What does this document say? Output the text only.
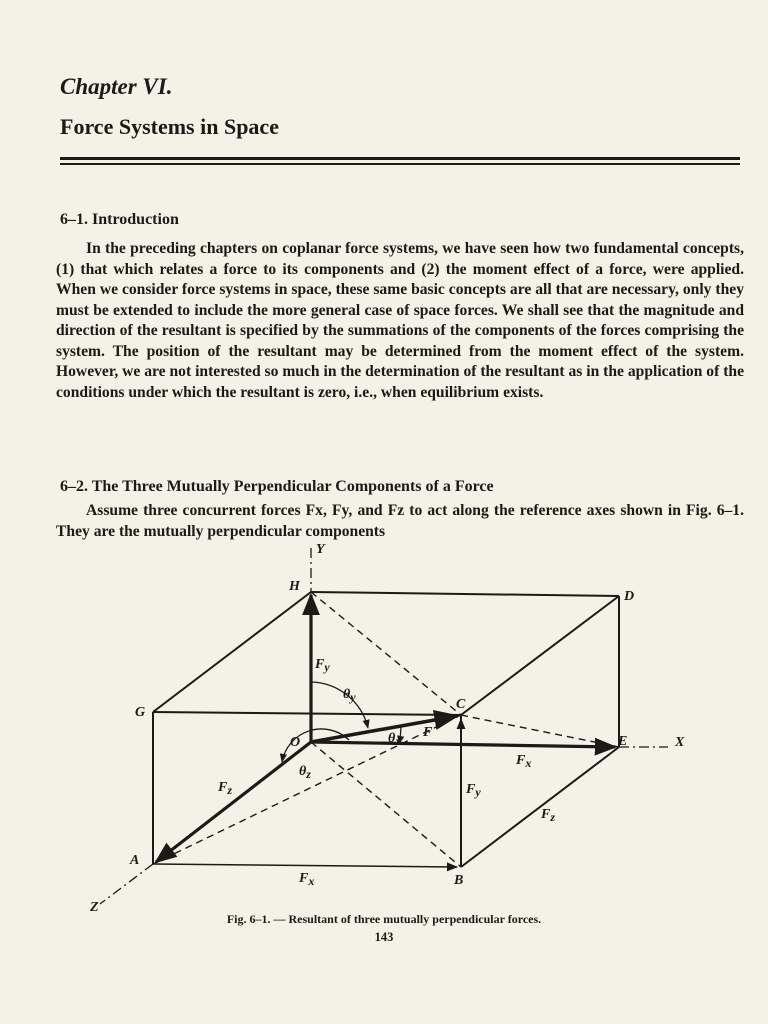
Chapter VI.
Force Systems in Space
6–1. Introduction

In the preceding chapters on coplanar force systems, we have seen how two fundamental concepts, (1) that which relates a force to its components and (2) the moment effect of a force, were applied. When we consider force systems in space, these same basic concepts are all that are necessary, only they must be extended to include the more general case of space forces. We shall see that the magnitude and direction of the resultant is specified by the summations of the components of the forces comprising the system. The position of the resultant may be determined from the moment effect of the system. However, we are not interested so much in the determination of the resultant as in the application of the conditions under which the resultant is zero, i.e., when equilibrium exists.

6–2. The Three Mutually Perpendicular Components of a Force

Assume three concurrent forces Fx, Fy, and Fz to act along the reference axes shown in Fig. 6–1. They are the mutually perpendicular components

O
A
B
C
D
E
G
H
X
Y
Z
Fy
Fy
Fx
Fx
Fz
Fz
F
θy
θx
θz
Fig. 6–1. — Resultant of three mutually perpendicular forces.
143
